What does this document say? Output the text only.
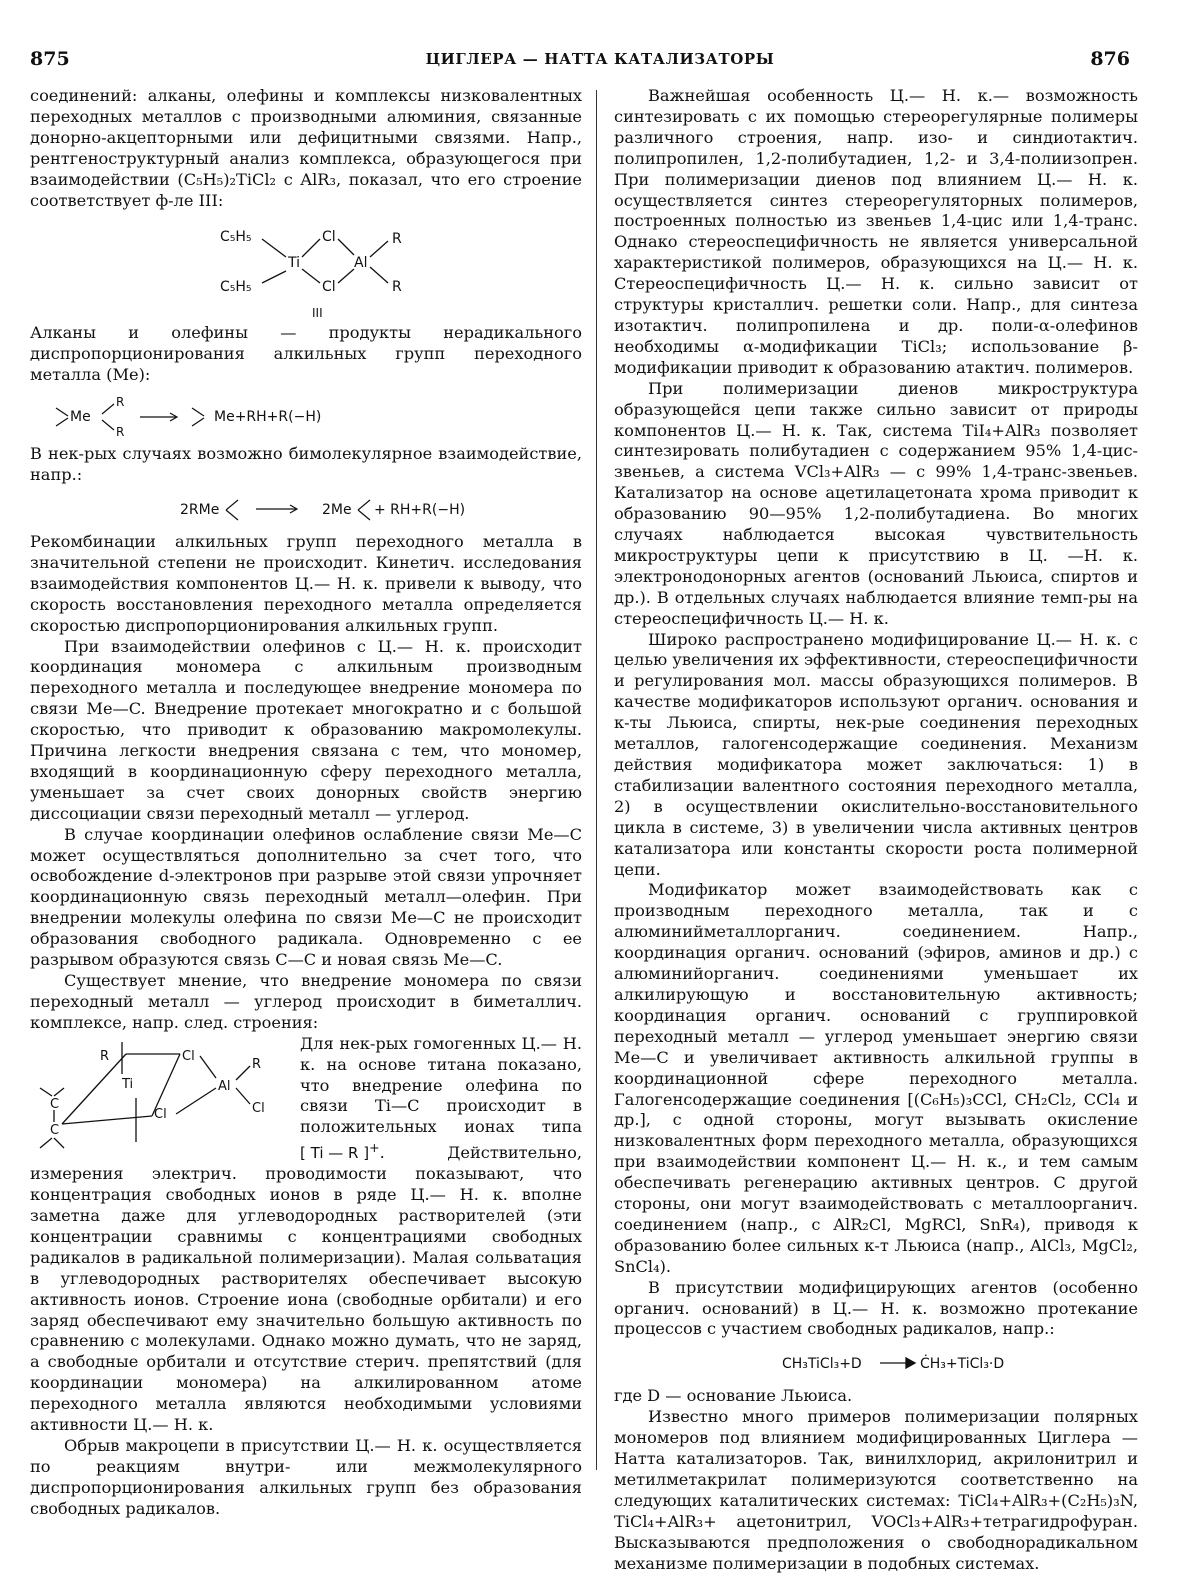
875	ЦИГЛЕРА — НАТТА КАТАЛИЗАТОРЫ	876

соединений: алканы, олефины и комплексы низковалентных переходных металлов с производными алюминия, связанные донорно-акцепторными или дефицитными связями. Напр., рентгеноструктурный анализ комплекса, образующегося при взаимодействии (C₅H₅)₂TiCl₂ с AlR₃, показал, что его строение соответствует ф-ле III:

C₅H₅
C₅H₅
Ti
Cl
Cl
Al
R
R
III

Алканы и олефины — продукты нерадикального диспропорционирования алкильных групп переходного металла (Me):

Me
R
R
Me+RH+R(−H)

В нек-рых случаях возможно бимолекулярное взаимодействие, напр.:

2RMe	2Me + RH+R(−H)

Рекомбинации алкильных групп переходного металла в значительной степени не происходит. Кинетич. исследования взаимодействия компонентов Ц.— Н. к. привели к выводу, что скорость восстановления переходного металла определяется скоростью диспропорционирования алкильных групп.

При взаимодействии олефинов с Ц.— Н. к. происходит координация мономера с алкильным производным переходного металла и последующее внедрение мономера по связи Me—C. Внедрение протекает многократно и с большой скоростью, что приводит к образованию макромолекулы. Причина легкости внедрения связана с тем, что мономер, входящий в координационную сферу переходного металла, уменьшает за счет своих донорных свойств энергию диссоциации связи переходный металл — углерод.

В случае координации олефинов ослабление связи Me—C может осуществляться дополнительно за счет того, что освобождение d-электронов при разрыве этой связи упрочняет координационную связь переходный металл—олефин. При внедрении молекулы олефина по связи Me—C не происходит образования свободного радикала. Одновременно с ее разрывом образуются связь C—C и новая связь Me—C.

Существует мнение, что внедрение мономера по связи переходный металл — углерод происходит в биметаллич. комплексе, напр. след. строения:

R
Ti
C
C
Cl
Cl
Al
R
Cl

Для нек-рых гомогенных Ц.— Н. к. на основе титана показано, что внедрение олефина по связи Ti—C происходит в положительных ионах типа [ Ti — R ]+. Действительно, измерения электрич. проводимости показывают, что концентрация свободных ионов в ряде Ц.— Н. к. вполне заметна даже для углеводородных растворителей (эти концентрации сравнимы с концентрациями свободных радикалов в радикальной полимеризации). Малая сольватация в углеводородных растворителях обеспечивает высокую активность ионов. Строение иона (свободные орбитали) и его заряд обеспечивают ему значительно большую активность по сравнению с молекулами. Однако можно думать, что не заряд, а свободные орбитали и отсутствие стерич. препятствий (для координации мономера) на алкилированном атоме переходного металла являются необходимыми условиями активности Ц.— Н. к.

Обрыв макроцепи в присутствии Ц.— Н. к. осуществляется по реакциям внутри- или межмолекулярного диспропорционирования алкильных групп без образования свободных радикалов.

Важнейшая особенность Ц.— Н. к.— возможность синтезировать с их помощью стереорегулярные полимеры различного строения, напр. изо- и синдиотактич. полипропилен, 1,2-полибутадиен, 1,2- и 3,4-полиизопрен. При полимеризации диенов под влиянием Ц.— Н. к. осуществляется синтез стереорегуляторных полимеров, построенных полностью из звеньев 1,4-цис или 1,4-транс. Однако стереоспецифичность не является универсальной характеристикой полимеров, образующихся на Ц.— Н. к. Стереоспецифичность Ц.— Н. к. сильно зависит от структуры кристаллич. решетки соли. Напр., для синтеза изотактич. полипропилена и др. поли-α-олефинов необходимы α-модификации TiCl₃; использование β-модификации приводит к образованию атактич. полимеров.

При полимеризации диенов микроструктура образующейся цепи также сильно зависит от природы компонентов Ц.— Н. к. Так, система TiI₄+AlR₃ позволяет синтезировать полибутадиен с содержанием 95% 1,4-цис-звеньев, а система VCl₃+AlR₃ — с 99% 1,4-транс-звеньев. Катализатор на основе ацетилацетоната хрома приводит к образованию 90—95% 1,2-полибутадиена. Во многих случаях наблюдается высокая чувствительность микроструктуры цепи к присутствию в Ц. —Н. к. электронодонорных агентов (оснований Льюиса, спиртов и др.). В отдельных случаях наблюдается влияние темп-ры на стереоспецифичность Ц.— Н. к.

Широко распространено модифицирование Ц.— Н. к. с целью увеличения их эффективности, стереоспецифичности и регулирования мол. массы образующихся полимеров. В качестве модификаторов используют органич. основания и к-ты Льюиса, спирты, нек-рые соединения переходных металлов, галогенсодержащие соединения. Механизм действия модификатора может заключаться: 1) в стабилизации валентного состояния переходного металла, 2) в осуществлении окислительно-восстановительного цикла в системе, 3) в увеличении числа активных центров катализатора или константы скорости роста полимерной цепи.

Модификатор может взаимодействовать как с производным переходного металла, так и с алюминийметаллорганич. соединением. Напр., координация органич. оснований (эфиров, аминов и др.) с алюминийорганич. соединениями уменьшает их алкилирующую и восстановительную активность; координация органич. оснований с группировкой переходный металл — углерод уменьшает энергию связи Me—C и увеличивает активность алкильной группы в координационной сфере переходного металла. Галогенсодержащие соединения [(C₆H₅)₃CCl, CH₂Cl₂, CCl₄ и др.], с одной стороны, могут вызывать окисление низковалентных форм переходного металла, образующихся при взаимодействии компонент Ц.— Н. к., и тем самым обеспечивать регенерацию активных центров. С другой стороны, они могут взаимодействовать с металлоорганич. соединением (напр., с AlR₂Cl, MgRCl, SnR₄), приводя к образованию более сильных к-т Льюиса (напр., AlCl₃, MgCl₂, SnCl₄).

В присутствии модифицирующих агентов (особенно органич. оснований) в Ц.— Н. к. возможно протекание процессов с участием свободных радикалов, напр.:

CH₃TiCl₃+D	ĊH₃+TiCl₃·D

где D — основание Льюиса.

Известно много примеров полимеризации полярных мономеров под влиянием модифицированных Циглера — Натта катализаторов. Так, винилхлорид, акрилонитрил и метилметакрилат полимеризуются соответственно на следующих каталитических системах: TiCl₄+AlR₃+(C₂H₅)₃N, TiCl₄+AlR₃+ ацетонитрил, VOCl₃+AlR₃+тетрагидрофуран. Высказываются предположения о свободнорадикальном механизме полимеризации в подобных системах.
